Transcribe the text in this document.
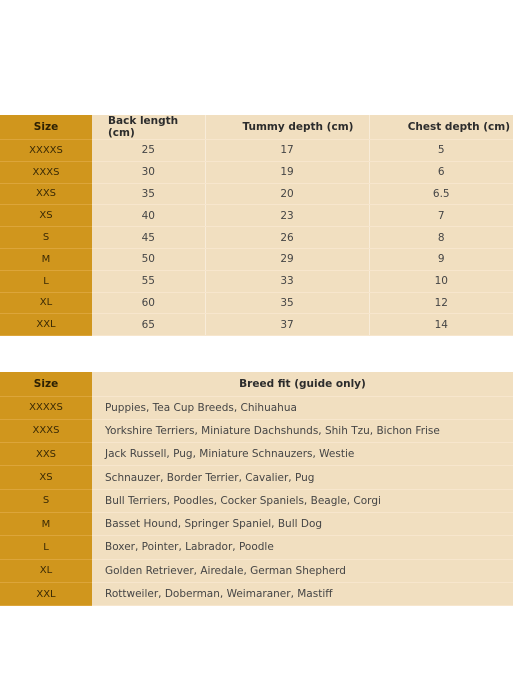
Size	Back length (cm)	Tummy depth (cm)	Chest depth (cm)
XXXXS	25	17	5
XXXS	30	19	6
XXS	35	20	6.5
XS	40	23	7
S	45	26	8
M	50	29	9
L	55	33	10
XL	60	35	12
XXL	65	37	14
Size	Breed fit (guide only)
XXXXS	Puppies, Tea Cup Breeds, Chihuahua
XXXS	Yorkshire Terriers, Miniature Dachshunds, Shih Tzu, Bichon Frise
XXS	Jack Russell, Pug, Miniature Schnauzers, Westie
XS	Schnauzer, Border Terrier, Cavalier, Pug
S	Bull Terriers, Poodles, Cocker Spaniels, Beagle, Corgi
M	Basset Hound, Springer Spaniel, Bull Dog
L	Boxer, Pointer, Labrador, Poodle
XL	Golden Retriever, Airedale, German Shepherd
XXL	Rottweiler, Doberman, Weimaraner, Mastiff
